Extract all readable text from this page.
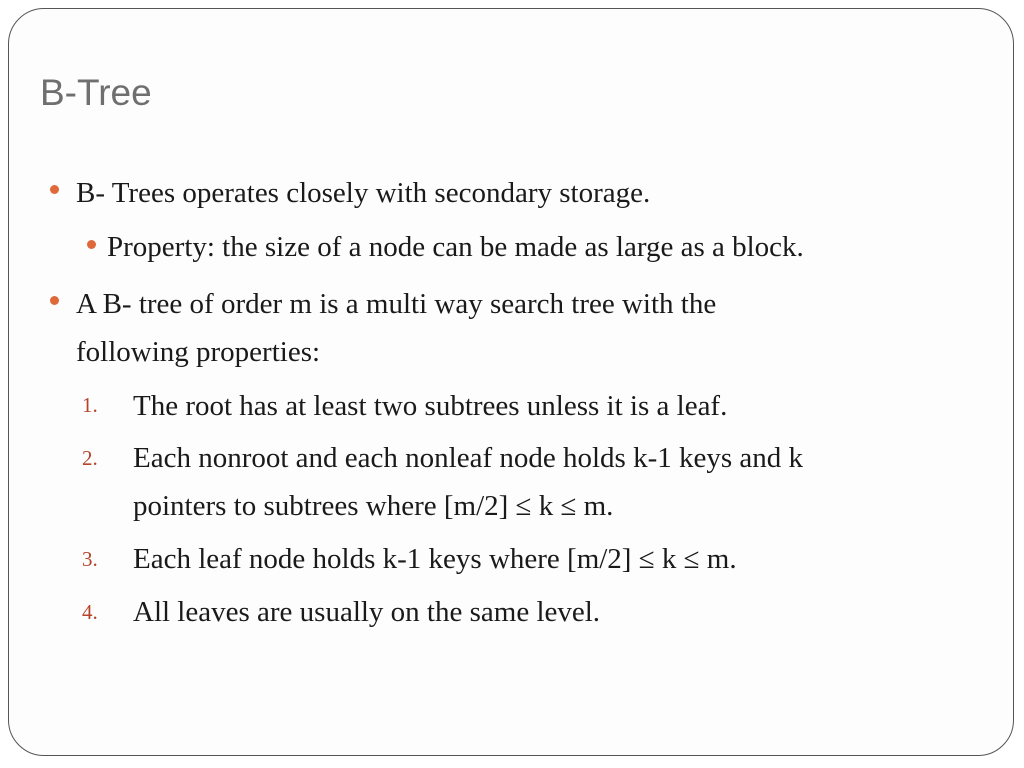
B-Tree
B- Trees operates closely with secondary storage.
Property: the size of a node can be made as large as a block.
A B- tree of order m is a multi way search tree with the
following properties:
1. The root has at least two subtrees unless it is a leaf.
2. Each nonroot and each nonleaf node holds k-1 keys and k
pointers to subtrees where [m/2] ≤ k ≤ m.
3. Each leaf node holds k-1 keys where [m/2] ≤ k ≤ m.
4. All leaves are usually on the same level.
